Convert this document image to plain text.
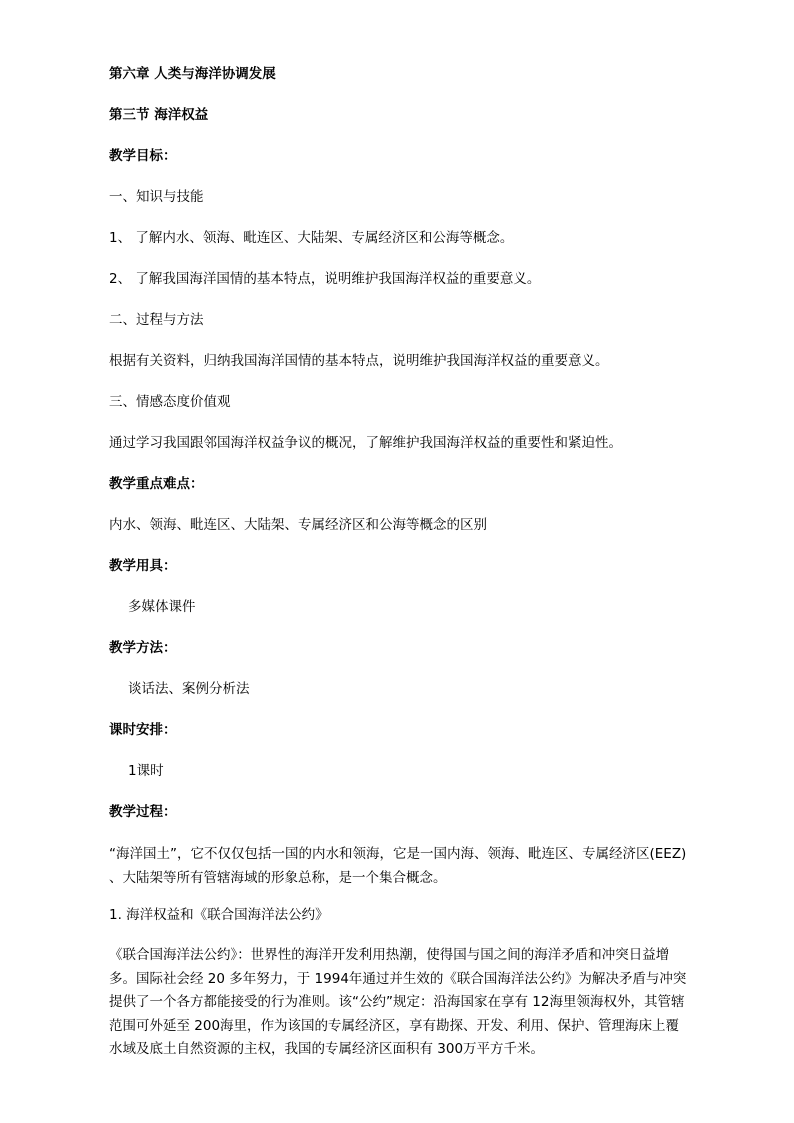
第六章 人类与海洋协调发展
第三节 海洋权益
教学目标：
一、知识与技能
1、 了解内水、领海、毗连区、大陆架、专属经济区和公海等概念。
2、 了解我国海洋国情的基本特点，说明维护我国海洋权益的重要意义。
二、过程与方法
根据有关资料，归纳我国海洋国情的基本特点，说明维护我国海洋权益的重要意义。
三、情感态度价值观
通过学习我国跟邻国海洋权益争议的概况，了解维护我国海洋权益的重要性和紧迫性。
教学重点难点：
内水、领海、毗连区、大陆架、专属经济区和公海等概念的区别
教学用具：
多媒体课件
教学方法：
谈话法、案例分析法
课时安排：
1课时
教学过程：
“海洋国土”，它不仅仅包括一国的内水和领海，它是一国内海、领海、毗连区、专属经济区(EEZ) 、大陆架等所有管辖海域的形象总称，是一个集合概念。
1. 海洋权益和《联合国海洋法公约》
《联合国海洋法公约》：世界性的海洋开发利用热潮，使得国与国之间的海洋矛盾和冲突日益增多。国际社会经 20 多年努力，于 1994年通过并生效的《联合国海洋法公约》为解决矛盾与冲突提供了一个各方都能接受的行为准则。该“公约”规定：沿海国家在享有 12海里领海权外，其管辖范围可外延至 200海里，作为该国的专属经济区，享有勘探、开发、利用、保护、管理海床上覆水域及底土自然资源的主权，我国的专属经济区面积有 300万平方千米。
